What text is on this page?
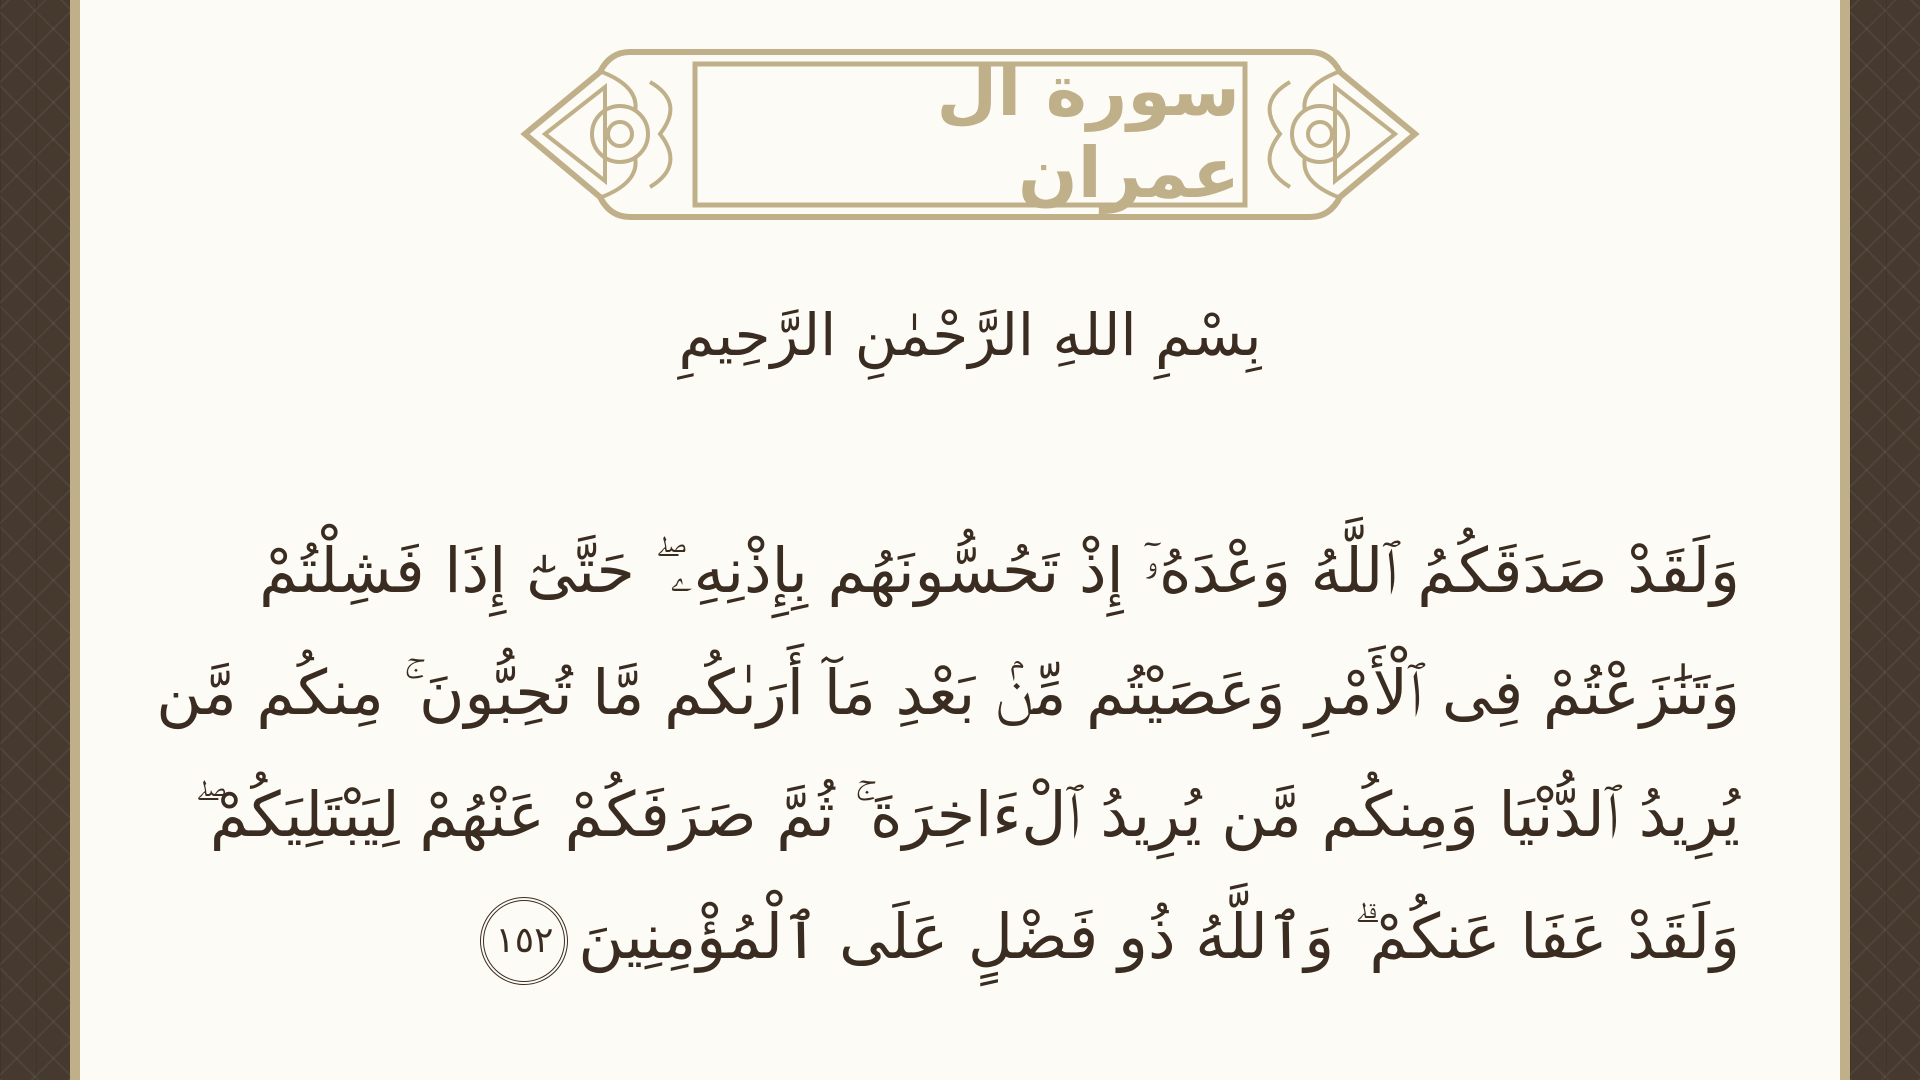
سورة ال عمران
بِسْمِ اللهِ الرَّحْمٰنِ الرَّحِيمِ
وَلَقَدْ صَدَقَكُمُ ٱللَّهُ وَعْدَهُۥٓ إِذْ تَحُسُّونَهُم بِإِذْنِهِۦ ۖ حَتَّىٰٓ إِذَا فَشِلْتُمْ
وَتَنَٰزَعْتُمْ فِى ٱلْأَمْرِ وَعَصَيْتُم مِّنۢ بَعْدِ مَآ أَرَىٰكُم مَّا تُحِبُّونَ ۚ مِنكُم مَّن
يُرِيدُ ٱلدُّنْيَا وَمِنكُم مَّن يُرِيدُ ٱلْءَاخِرَةَ ۚ ثُمَّ صَرَفَكُمْ عَنْهُمْ لِيَبْتَلِيَكُمْ ۖ
وَلَقَدْ عَفَا عَنكُمْ ۗ وَٱللَّهُ ذُو فَضْلٍ عَلَى ٱلْمُؤْمِنِينَ١٥٢
